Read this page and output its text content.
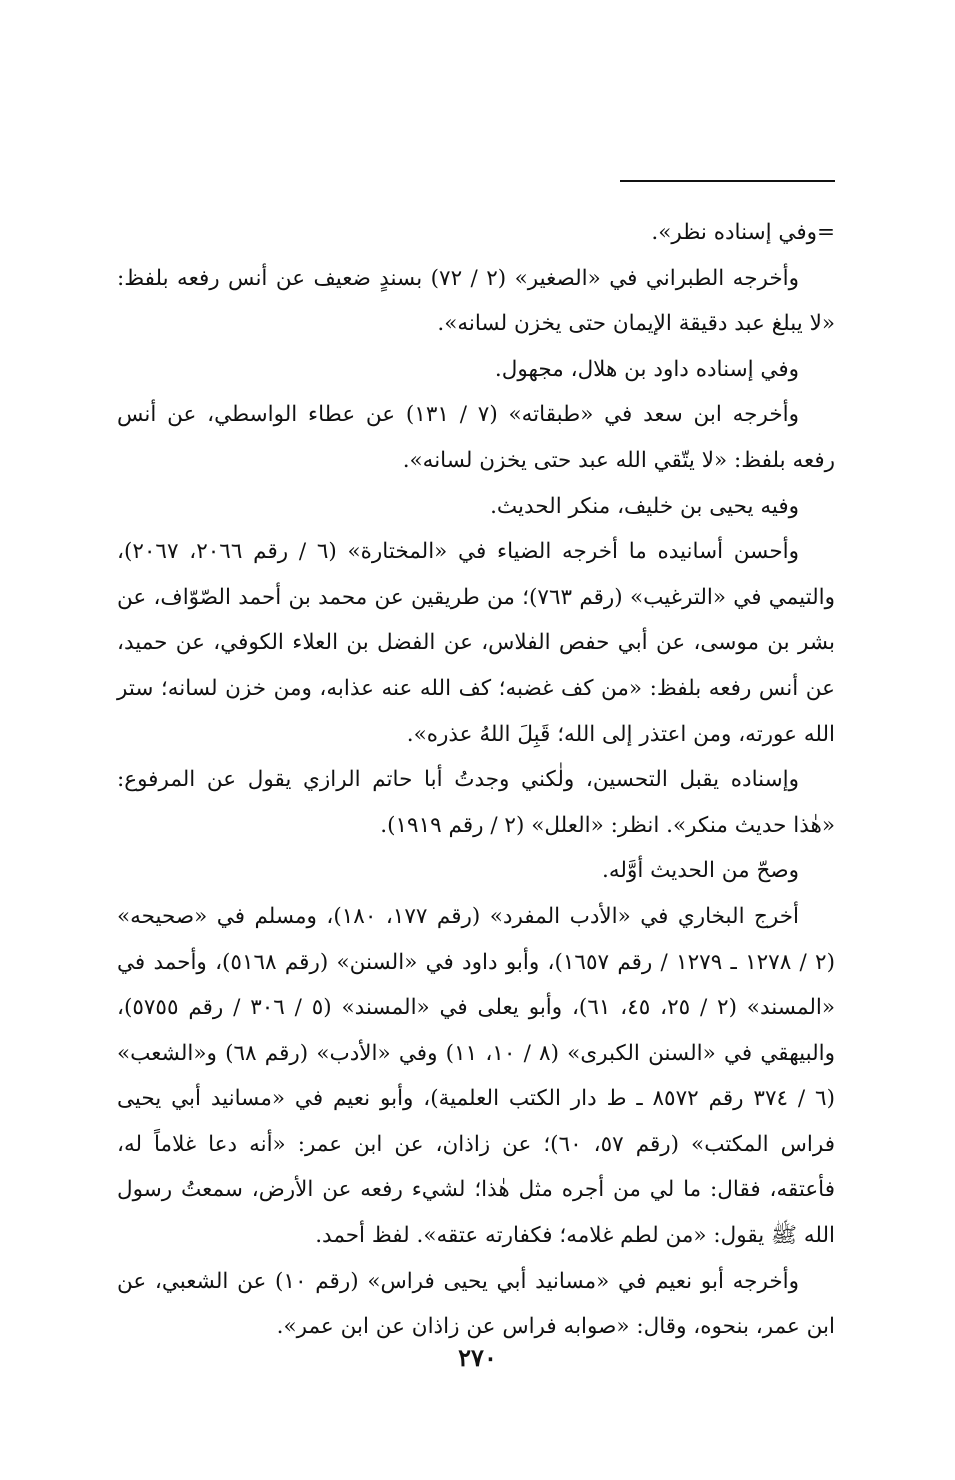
=وفي إسناده نظر».

وأخرجه الطبراني في «الصغير» (٢ / ٧٢) بسندٍ ضعيف عن أنس رفعه بلفظ: «لا يبلغ عبد دقيقة الإيمان حتى يخزن لسانه».

وفي إسناده داود بن هلال، مجهول.

وأخرجه ابن سعد في «طبقاته» (٧ / ١٣١) عن عطاء الواسطي، عن أنس رفعه بلفظ: «لا يتّقي الله عبد حتى يخزن لسانه».

وفيه يحيى بن خليف، منكر الحديث.

وأحسن أسانيده ما أخرجه الضياء في «المختارة» (٦ / رقم ٢٠٦٦، ٢٠٦٧)، والتيمي في «الترغيب» (رقم ٧٦٣)؛ من طريقين عن محمد بن أحمد الصّوّاف، عن بشر بن موسى، عن أبي حفص الفلاس، عن الفضل بن العلاء الكوفي، عن حميد، عن أنس رفعه بلفظ: «من كف غضبه؛ كف الله عنه عذابه، ومن خزن لسانه؛ ستر الله عورته، ومن اعتذر إلى الله؛ قَبِلَ اللهُ عذره».

وإسناده يقبل التحسين، ولٰكني وجدتُ أبا حاتم الرازي يقول عن المرفوع: «هٰذا حديث منكر». انظر: «العلل» (٢ / رقم ١٩١٩).

وصحّ من الحديث أوَّله.

أخرج البخاري في «الأدب المفرد» (رقم ١٧٧، ١٨٠)، ومسلم في «صحيحه» (٢ / ١٢٧٨ ـ ١٢٧٩ / رقم ١٦٥٧)، وأبو داود في «السنن» (رقم ٥١٦٨)، وأحمد في «المسند» (٢ / ٢٥، ٤٥، ٦١)، وأبو يعلى في «المسند» (٥ / ٣٠٦ / رقم ٥٧٥٥)، والبيهقي في «السنن الكبرى» (٨ / ١٠، ١١) وفي «الأدب» (رقم ٦٨) و«الشعب» (٦ / ٣٧٤ رقم ٨٥٧٢ ـ ط دار الكتب العلمية)، وأبو نعيم في «مسانيد أبي يحيى فراس المكتب» (رقم ٥٧، ٦٠)؛ عن زاذان، عن ابن عمر: «أنه دعا غلاماً له، فأعتقه، فقال: ما لي من أجره مثل هٰذا؛ لشيء رفعه عن الأرض، سمعتُ رسول الله ﷺ يقول: «من لطم غلامه؛ فكفارته عتقه». لفظ أحمد.

وأخرجه أبو نعيم في «مسانيد أبي يحيى فراس» (رقم ١٠) عن الشعبي، عن ابن عمر، بنحوه، وقال: «صوابه فراس عن زاذان عن ابن عمر».

٢٧٠
